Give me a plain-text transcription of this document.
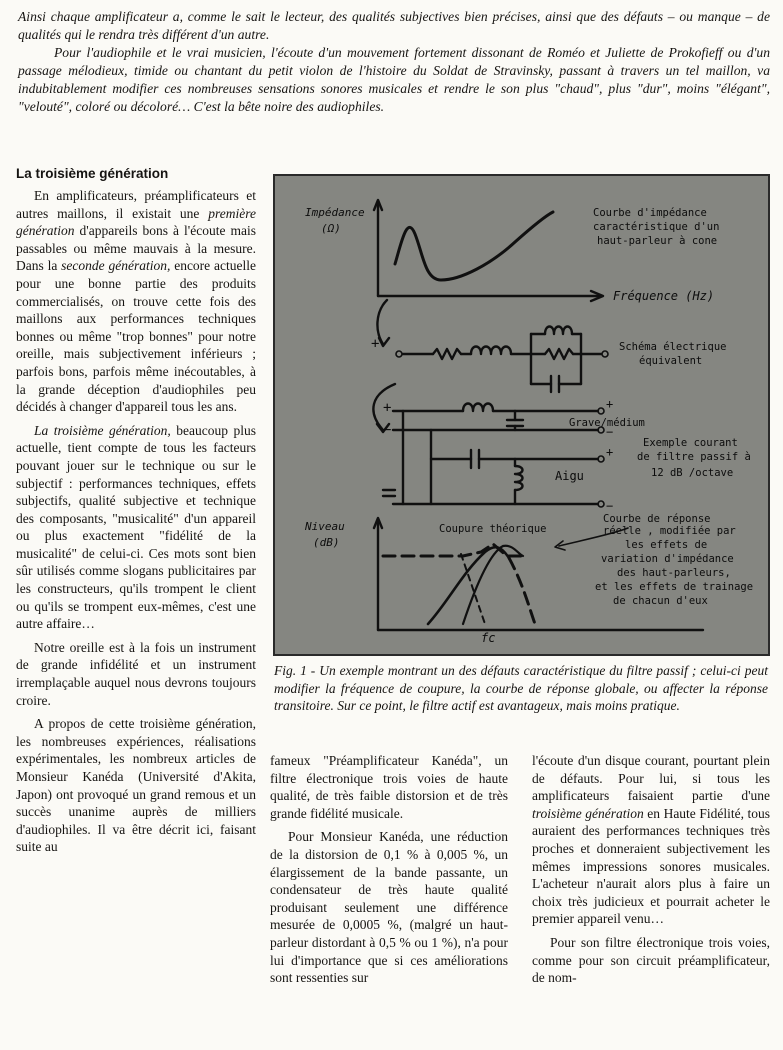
Ainsi chaque amplificateur a, comme le sait le lecteur, des qualités subjectives bien précises, ainsi que des défauts – ou manque – de qualités qui le rendra très différent d'un autre.

Pour l'audiophile et le vrai musicien, l'écoute d'un mouvement fortement dissonant de Roméo et Juliette de Prokofieff ou d'un passage mélodieux, timide ou chantant du petit violon de l'histoire du Soldat de Stravinsky, passant à travers un tel maillon, va indubitablement modifier ces nombreuses sensations sonores musicales et rendre le son plus "chaud", plus "dur", moins "élégant", "velouté", coloré ou décoloré… C'est la bête noire des audiophiles.

La troisième génération

En amplificateurs, préamplificateurs et autres maillons, il existait une première génération d'appareils bons à l'écoute mais passables ou même mauvais à la mesure. Dans la seconde génération, encore actuelle pour une bonne partie des produits commercialisés, on trouve cette fois des maillons aux performances techniques bonnes ou même "trop bonnes" pour notre oreille, mais subjectivement inférieurs ; parfois bons, parfois même inécoutables, à la grande déception d'audiophiles peu décidés à changer d'appareil tous les ans.

La troisième génération, beaucoup plus actuelle, tient compte de tous les facteurs pouvant jouer sur le technique ou sur le subjectif : performances techniques, effets subjectifs, qualité subjective et technique des composants, "musicalité" d'un appareil ou plus exactement "fidélité de la musicalité" de celui-ci. Ces mots sont bien sûr utilisés comme slogans publicitaires par les constructeurs, qu'ils trompent le client ou qu'ils se trompent eux-mêmes, c'est une autre affaire…

Notre oreille est à la fois un instrument de grande infidélité et un instrument irremplaçable auquel nous devrons toujours croire.

A propos de cette troisième génération, les nombreuses expériences, réalisations expérimentales, les nombreux articles de Monsieur Kanéda (Université d'Akita, Japon) ont provoqué un grand remous et un succès unanime auprès de milliers d'audiophiles. Il va être décrit ici, faisant suite au

Impédance
(Ω)
Fréquence (Hz)
Niveau
(dB)
Courbe d'impédance
caractéristique d'un
haut-parleur à cone
Schéma électrique
équivalent
Grave/médium
Exemple courant
de filtre passif à
12 dB /octave
Aigu
Coupure théorique
Courbe de réponse
réelle , modifiée par
les effets de
variation d'impédance
des haut-parleurs,
et les effets de trainage
de chacun d'eux
fc
+
+
−
+
−
+
−
Fig. 1 - Un exemple montrant un des défauts caractéristique du filtre passif ; celui-ci peut modifier la fréquence de coupure, la courbe de réponse globale, ou affecter la réponse transitoire. Sur ce point, le filtre actif est avantageux, mais moins pratique.

fameux "Préamplificateur Kanéda", un filtre électronique trois voies de haute qualité, de très faible distorsion et de très grande fidélité musicale.

Pour Monsieur Kanéda, une réduction de la distorsion de 0,1 % à 0,005 %, un élargissement de la bande passante, un condensateur de très haute qualité produisant seulement une différence mesurée de 0,0005 %, (malgré un haut-parleur distordant à 0,5 % ou 1 %), n'a pour lui d'importance que si ces améliorations sont ressenties sur

l'écoute d'un disque courant, pourtant plein de défauts. Pour lui, si tous les amplificateurs faisaient partie d'une troisième génération en Haute Fidélité, tous auraient des performances techniques très proches et donneraient subjectivement les mêmes impressions sonores musicales. L'acheteur n'aurait alors plus à faire un choix très judicieux et pourrait acheter le premier appareil venu…

Pour son filtre électronique trois voies, comme pour son circuit préamplificateur, de nom-
